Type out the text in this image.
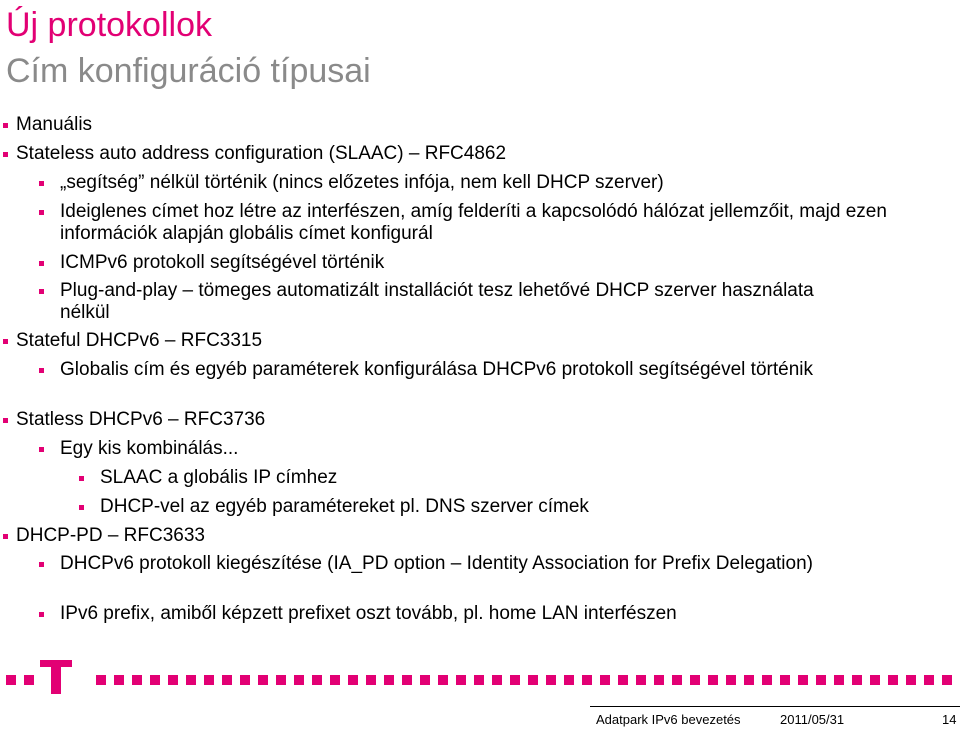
Új protokollok
Cím konfiguráció típusai
Manuális
Stateless auto address configuration (SLAAC) – RFC4862
„segítség” nélkül történik (nincs előzetes infója, nem kell DHCP szerver)
Ideiglenes címet hoz létre az interfészen, amíg felderíti a kapcsolódó hálózat jellemzőit, majd ezen információk alapján globális címet konfigurál
ICMPv6 protokoll segítségével történik
Plug-and-play – tömeges automatizált installációt tesz lehetővé DHCP szerver használata nélkül
Stateful DHCPv6 – RFC3315
Globalis cím és egyéb paraméterek konfigurálása DHCPv6 protokoll segítségével történik
Statless DHCPv6 – RFC3736
Egy kis kombinálás...
SLAAC a globális IP címhez
DHCP-vel az egyéb paramétereket pl. DNS szerver címek
DHCP-PD – RFC3633
DHCPv6 protokoll kiegészítése (IA_PD option – Identity Association for Prefix Delegation)
IPv6 prefix, amiből képzett prefixet oszt tovább, pl. home LAN interfészen
Adatpark IPv6 bevezetés	2011/05/31	14
